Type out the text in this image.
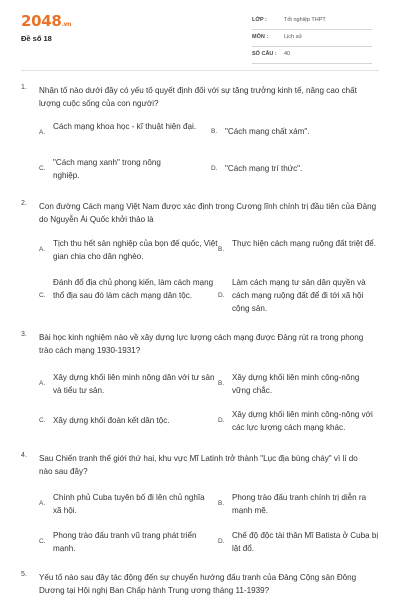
2048.vn
Đề số 18
LỚP :	Tốt nghiệp THPT
MÔN :	Lịch sử
SỐ CÂU : 40
1. Nhân tố nào dưới đây có yếu tố quyết định đối với sự tăng trưởng kinh tế, nâng cao chất lượng cuộc sống của con người?
A.
Cách mạng khoa học - kĩ thuật hiện đại.
B. "Cách mạng chất xám".
C.
"Cách mạng xanh" trong nông nghiệp.
D. "Cách mạng trí thức".
2. Con đường Cách mạng Việt Nam được xác định trong Cương lĩnh chính trị đầu tiên của Đảng do Nguyễn Ái Quốc khởi thảo là
A.
Tịch thu hết sản nghiệp của bọn đế quốc, Việt gian chia cho dân nghèo.
B.
Thực hiện cách mạng ruộng đất triệt để.
C.
Đánh đổ địa chủ phong kiến, làm cách mạng thổ địa sau đó làm cách mạng dân tộc.	D.
Làm cách mạng tư sản dân quyền và cách mạng ruộng đất để đi tới xã hội cộng sản.
3. Bài học kinh nghiệm nào về xây dựng lực lượng cách mạng được Đảng rút ra trong phong trào cách mạng 1930-1931?
A.
Xây dựng khối liên minh nông dân với tư sản và tiểu tư sản.
B.
Xây dựng khối liên minh công-nông vững chắc.
C. Xây dựng khối đoàn kết dân tộc.	D.
Xây dựng khối liên minh công-nông với các lực lượng cách mạng khác.
4. Sau Chiến tranh thế giới thứ hai, khu vực Mĩ Latinh trở thành "Lục địa bùng cháy" vì lí do nào sau đây?
A.
Chính phủ Cuba tuyên bố đi lên chủ nghĩa xã hội.
B.
Phong trào đấu tranh chính trị diễn ra mạnh mẽ.
C.
Phong trào đấu tranh vũ trang phát triển mạnh.
D.
Chế độ độc tài thân Mĩ Batista ở Cuba bị lật đổ.
5. Yếu tố nào sau đây tác động đến sự chuyển hướng đấu tranh của Đảng Cộng sản Đông Dương tại Hội nghị Ban Chấp hành Trung ương tháng 11-1939?
